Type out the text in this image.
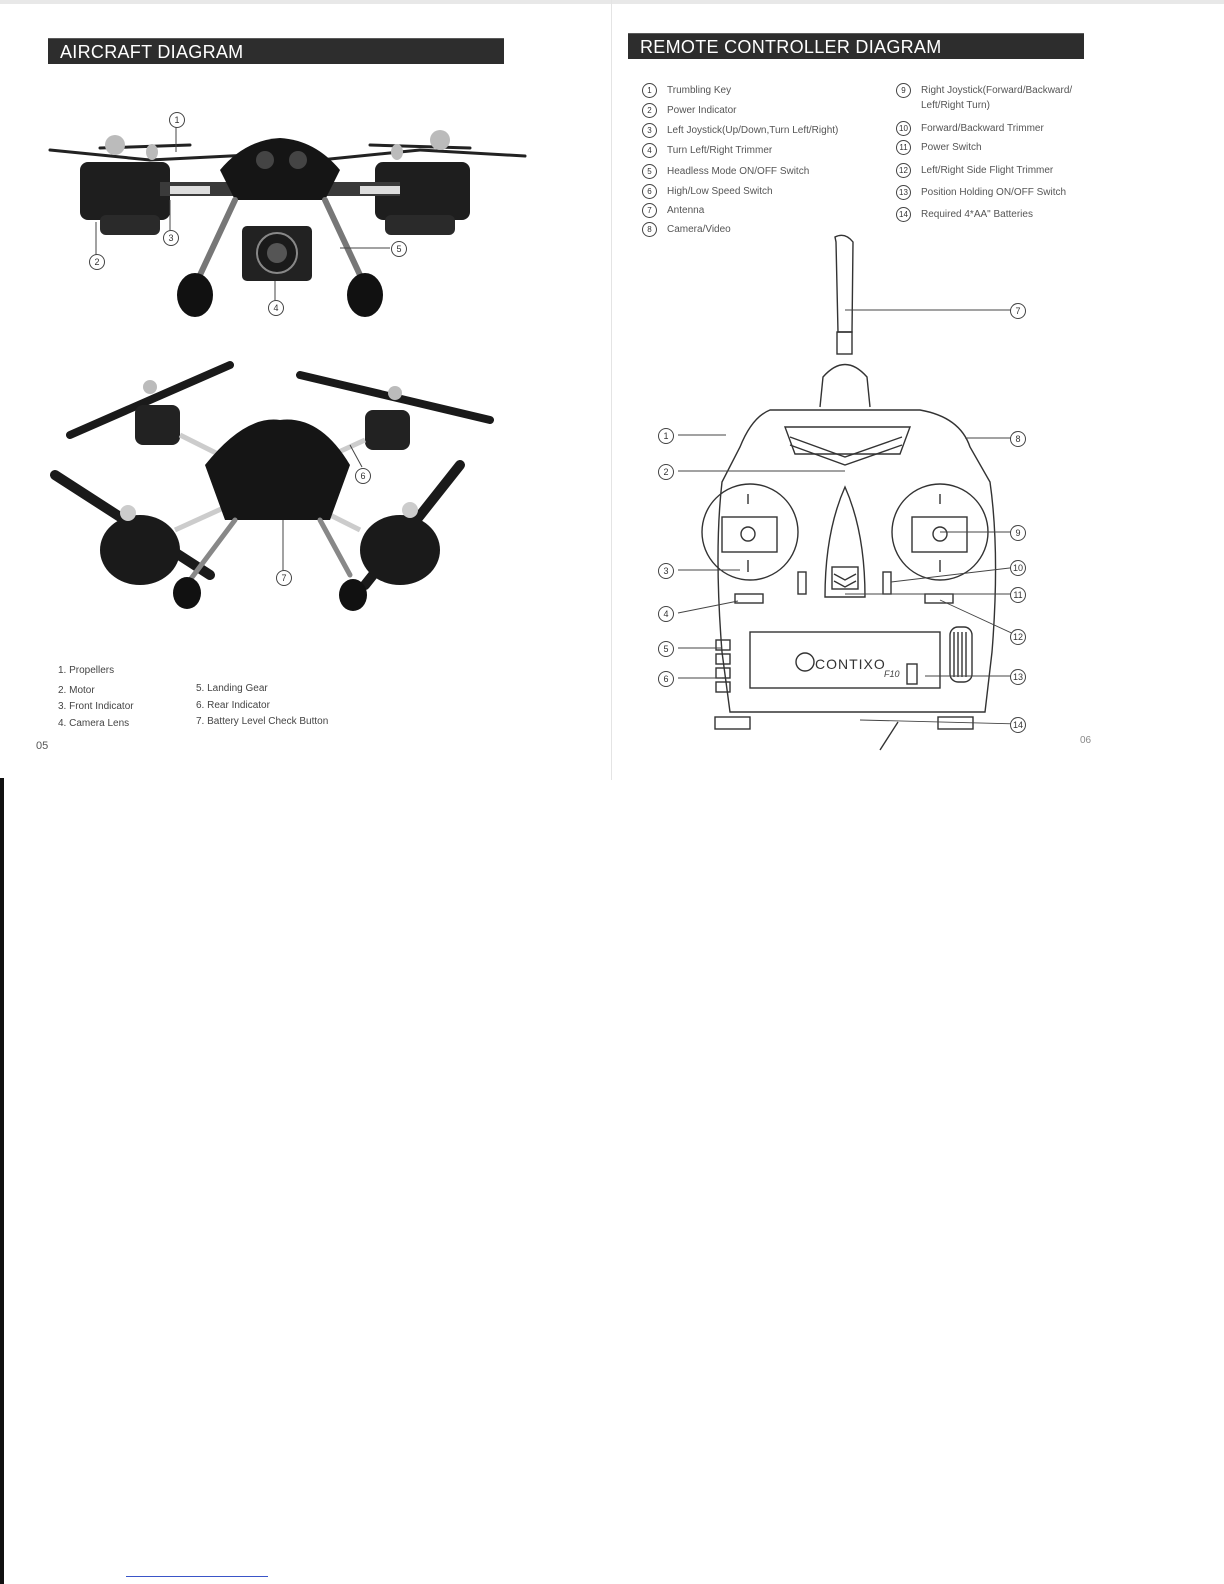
AIRCRAFT DIAGRAM
1
2
3
4
5
6
7
1. Propellers
2. Motor
3. Front Indicator
4. Camera Lens
5. Landing Gear
6. Rear Indicator
7. Battery Level Check Button
05
REMOTE CONTROLLER DIAGRAM
1	Trumbling Key
2	Power Indicator
3	Left Joystick(Up/Down,Turn Left/Right)
4	Turn Left/Right Trimmer
5	Headless Mode ON/OFF Switch
6	High/Low Speed Switch
7	Antenna
8	Camera/Video
9	Right Joystick(Forward/Backward/
Left/Right Turn)
10	Forward/Backward Trimmer
11	Power Switch
12	Left/Right Side Flight Trimmer
13	Position Holding ON/OFF Switch
14	Required 4*AA" Batteries
1
2
3
4
5
6
7
8
9
10
11
12
13
14
CONTIXO
F10
06
